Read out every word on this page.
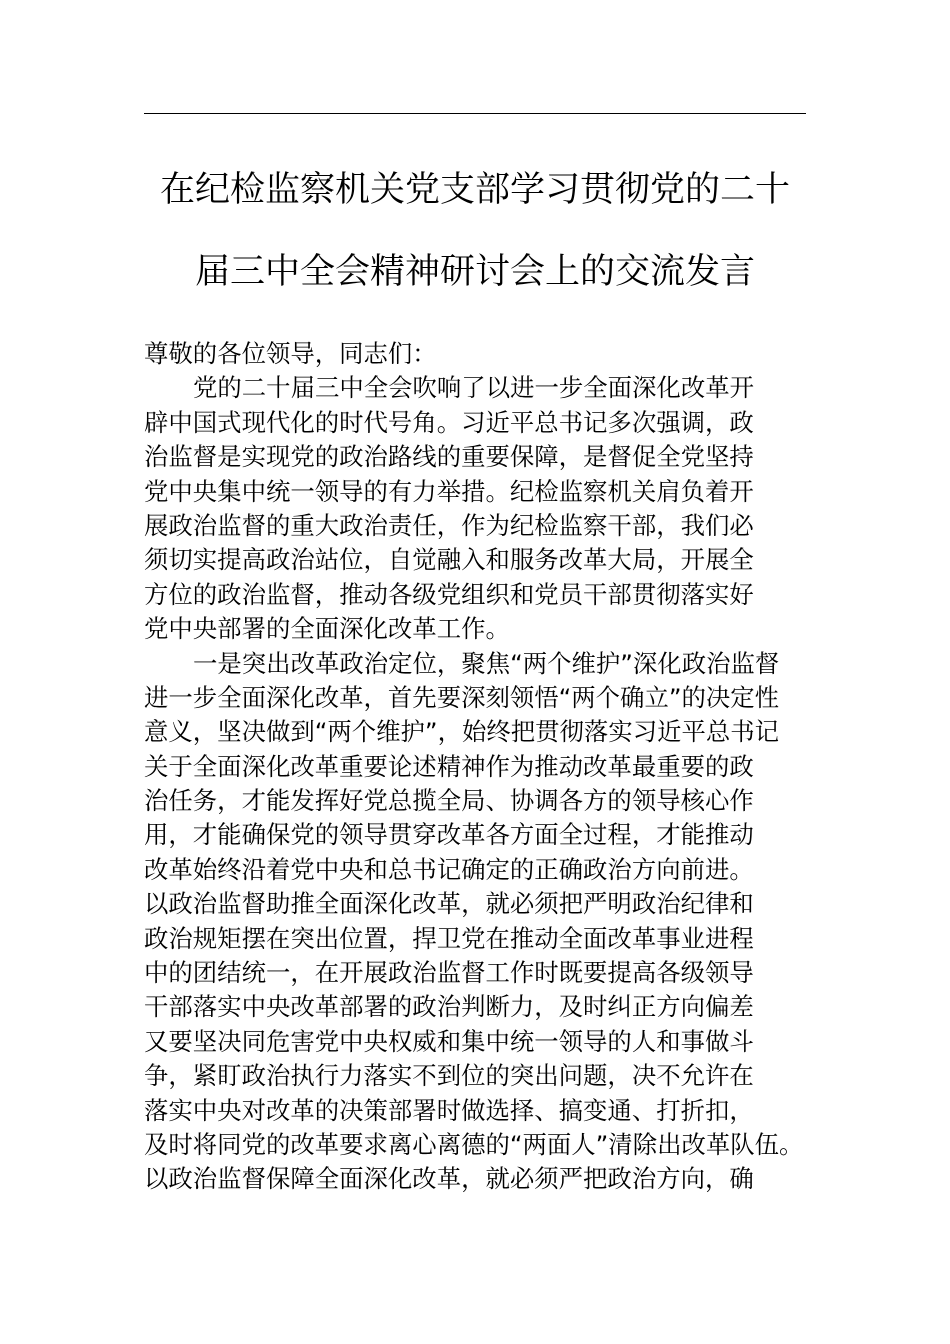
在纪检监察机关党支部学习贯彻党的二十
届三中全会精神研讨会上的交流发言
尊敬的各位领导，同志们：
党的二十届三中全会吹响了以进一步全面深化改革开
辟中国式现代化的时代号角。习近平总书记多次强调，政
治监督是实现党的政治路线的重要保障，是督促全党坚持
党中央集中统一领导的有力举措。纪检监察机关肩负着开
展政治监督的重大政治责任，作为纪检监察干部，我们必
须切实提高政治站位，自觉融入和服务改革大局，开展全
方位的政治监督，推动各级党组织和党员干部贯彻落实好
党中央部署的全面深化改革工作。
一是突出改革政治定位，聚焦“两个维护”深化政治监督
进一步全面深化改革，首先要深刻领悟“两个确立”的决定性
意义，坚决做到“两个维护”，始终把贯彻落实习近平总书记
关于全面深化改革重要论述精神作为推动改革最重要的政
治任务，才能发挥好党总揽全局、协调各方的领导核心作
用，才能确保党的领导贯穿改革各方面全过程，才能推动
改革始终沿着党中央和总书记确定的正确政治方向前进。
以政治监督助推全面深化改革，就必须把严明政治纪律和
政治规矩摆在突出位置，捍卫党在推动全面改革事业进程
中的团结统一，在开展政治监督工作时既要提高各级领导
干部落实中央改革部署的政治判断力，及时纠正方向偏差
又要坚决同危害党中央权威和集中统一领导的人和事做斗
争，紧盯政治执行力落实不到位的突出问题，决不允许在
落实中央对改革的决策部署时做选择、搞变通、打折扣，
及时将同党的改革要求离心离德的“两面人”清除出改革队伍。
以政治监督保障全面深化改革，就必须严把政治方向，确
